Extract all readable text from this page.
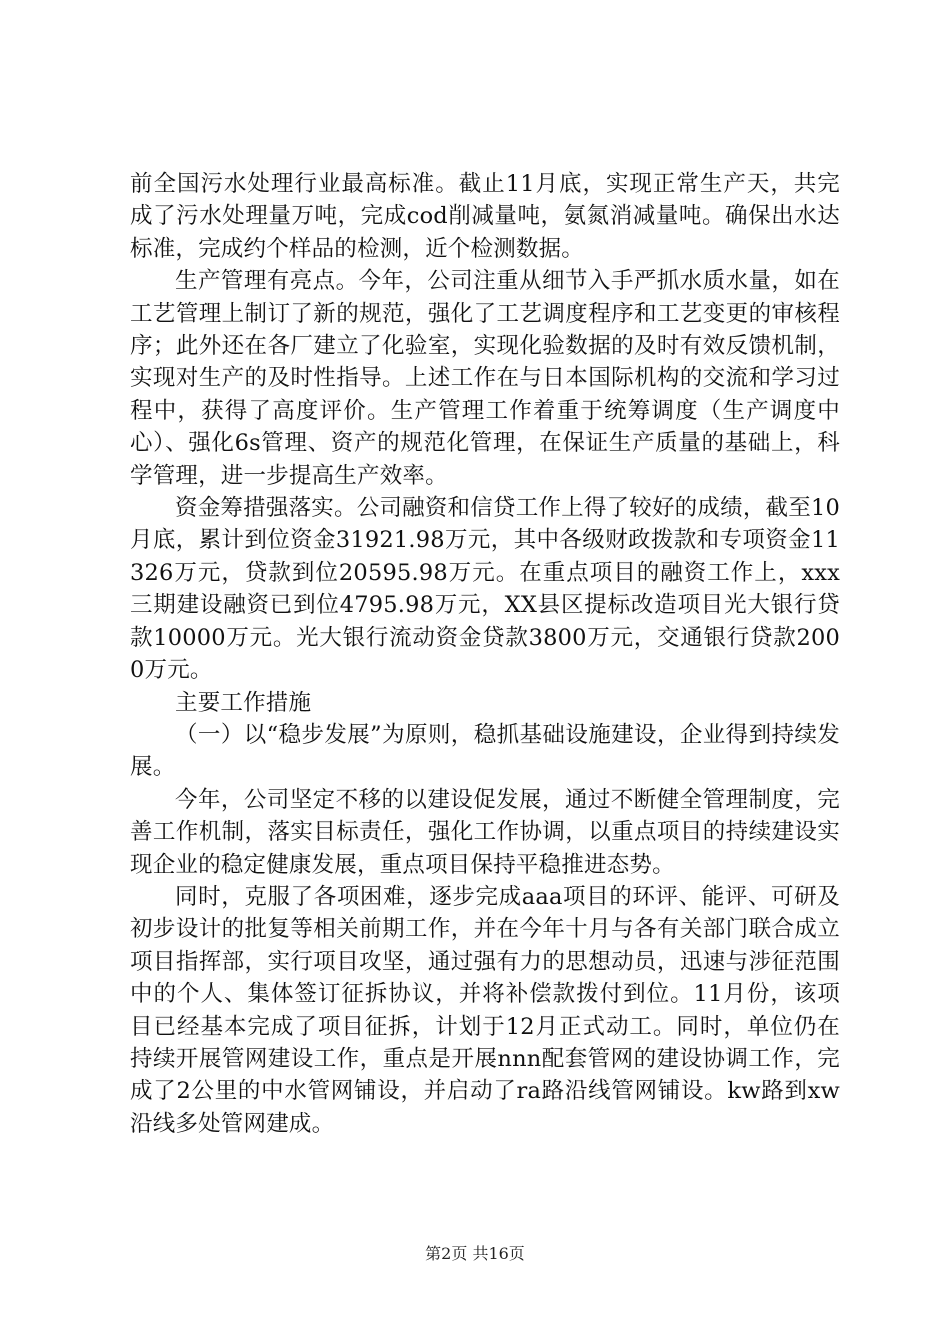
前全国污水处理行业最高标准。截止11月底，实现正常生产天，共完成了污水处理量万吨，完成cod削减量吨，氨氮消减量吨。确保出水达标准，完成约个样品的检测，近个检测数据。

生产管理有亮点。今年，公司注重从细节入手严抓水质水量，如在工艺管理上制订了新的规范，强化了工艺调度程序和工艺变更的审核程序；此外还在各厂建立了化验室，实现化验数据的及时有效反馈机制，实现对生产的及时性指导。上述工作在与日本国际机构的交流和学习过程中，获得了高度评价。生产管理工作着重于统筹调度（生产调度中心）、强化6s管理、资产的规范化管理，在保证生产质量的基础上，科学管理，进一步提高生产效率。

资金筹措强落实。公司融资和信贷工作上得了较好的成绩，截至10月底，累计到位资金31921.98万元，其中各级财政拨款和专项资金11326万元，贷款到位20595.98万元。在重点项目的融资工作上，xxx三期建设融资已到位4795.98万元，XX县区提标改造项目光大银行贷款10000万元。光大银行流动资金贷款3800万元，交通银行贷款2000万元。

主要工作措施

（一）以“稳步发展”为原则，稳抓基础设施建设，企业得到持续发展。

今年，公司坚定不移的以建设促发展，通过不断健全管理制度，完善工作机制，落实目标责任，强化工作协调，以重点项目的持续建设实现企业的稳定健康发展，重点项目保持平稳推进态势。

同时，克服了各项困难，逐步完成aaa项目的环评、能评、可研及初步设计的批复等相关前期工作，并在今年十月与各有关部门联合成立项目指挥部，实行项目攻坚，通过强有力的思想动员，迅速与涉征范围中的个人、集体签订征拆协议，并将补偿款拨付到位。11月份，该项目已经基本完成了项目征拆，计划于12月正式动工。同时，单位仍在持续开展管网建设工作，重点是开展nnn配套管网的建设协调工作，完成了2公里的中水管网铺设，并启动了ra路沿线管网铺设。kw路到xw沿线多处管网建成。

第2页 共16页
